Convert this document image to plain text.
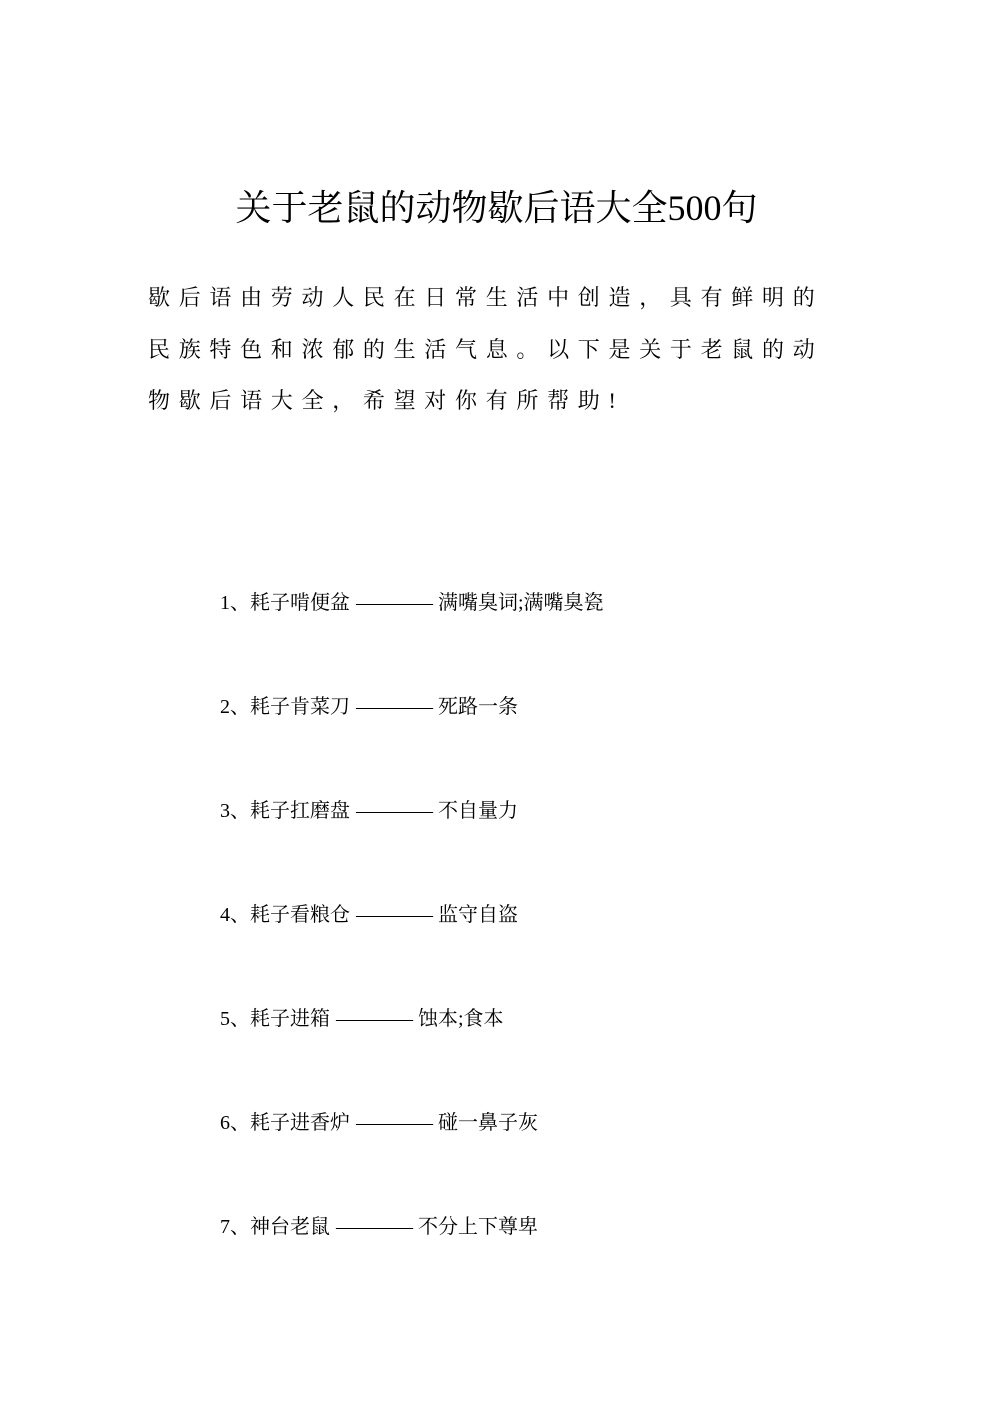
关于老鼠的动物歇后语大全500句
歇后语由劳动人民在日常生活中创造，具有鲜明的民族特色和浓郁的生活气息。以下是关于老鼠的动物歇后语大全，希望对你有所帮助!
1、耗子啃便盆 ———— 满嘴臭词;满嘴臭瓷
2、耗子肯菜刀 ———— 死路一条
3、耗子扛磨盘 ———— 不自量力
4、耗子看粮仓 ———— 监守自盗
5、耗子进箱 ———— 蚀本;食本
6、耗子进香炉 ———— 碰一鼻子灰
7、神台老鼠 ———— 不分上下尊卑
